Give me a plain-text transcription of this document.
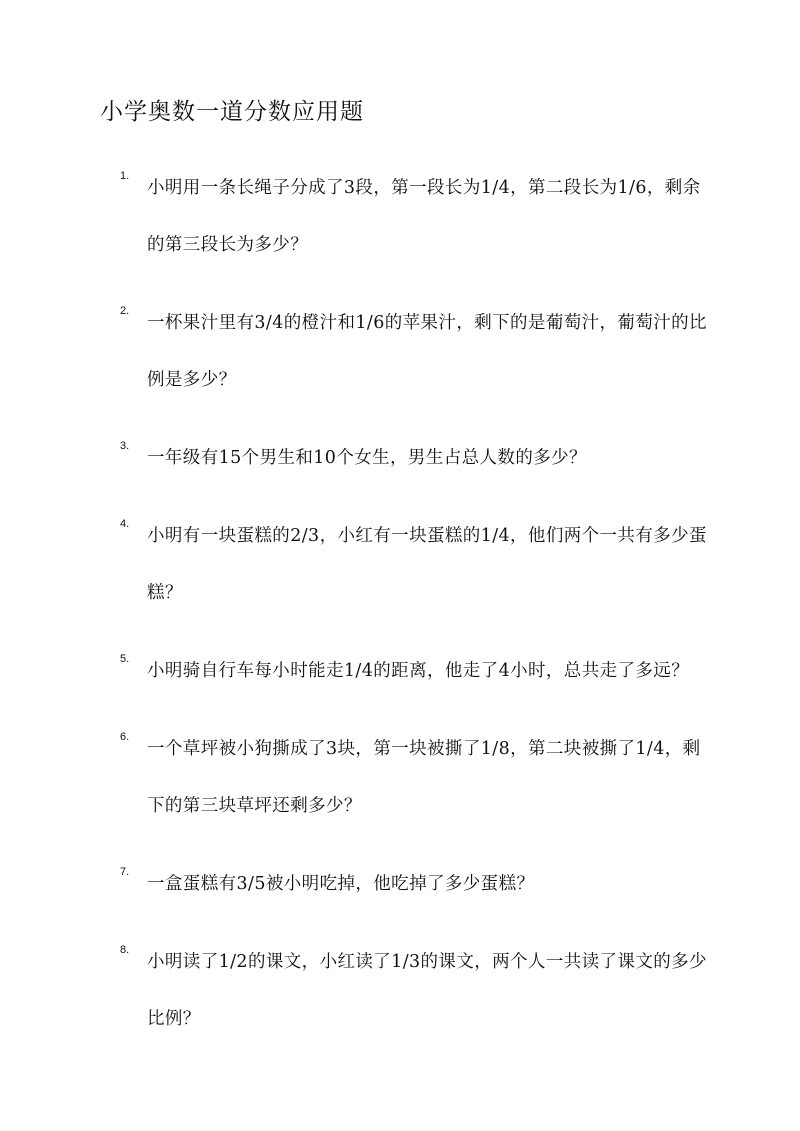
小学奥数一道分数应用题
1.
小明用一条长绳子分成了3段，第一段长为1/4，第二段长为1/6，剩余的第三段长为多少？
2.
一杯果汁里有3/4的橙汁和1/6的苹果汁，剩下的是葡萄汁，葡萄汁的比例是多少？
3.
一年级有15个男生和10个女生，男生占总人数的多少？
4.
小明有一块蛋糕的2/3，小红有一块蛋糕的1/4，他们两个一共有多少蛋糕？
5.
小明骑自行车每小时能走1/4的距离，他走了4小时，总共走了多远？
6.
一个草坪被小狗撕成了3块，第一块被撕了1/8，第二块被撕了1/4，剩下的第三块草坪还剩多少？
7.
一盒蛋糕有3/5被小明吃掉，他吃掉了多少蛋糕？
8.
小明读了1/2的课文，小红读了1/3的课文，两个人一共读了课文的多少比例？
